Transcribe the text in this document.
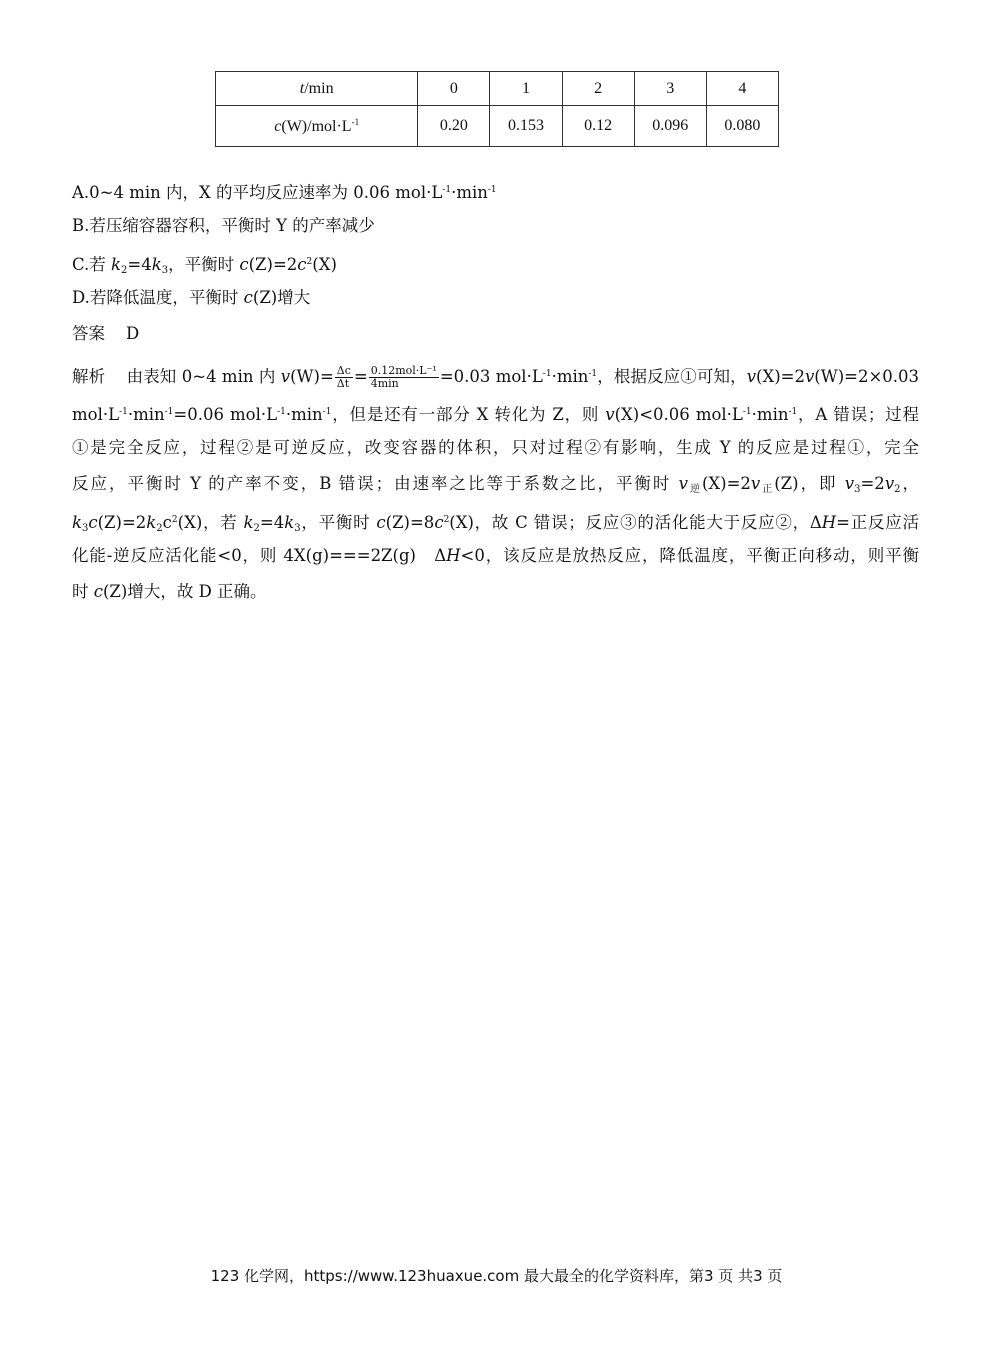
t/min	0	1	2	3	4
$c(W)/mol\cdot L^{-1}$	0.20	0.153	0.12	0.096	0.080
A.0~4 min 内，X 的平均反应速率为 0.06 $mol\cdot L^{-1}\cdot\min^{-1}$
B.若压缩容器容积，平衡时 Y 的产率减少
C.若 $k_2=4k_3$，平衡时 $c(Z)=2c^2(X)$
D.若降低温度，平衡时 c(Z)增大
答案 D
解析    由表知 0~4 min 内 $v(W)= \frac{\Delta c}{\Delta t} = \frac{\text{0.12mol·L⁻¹}}{4\min} =0.03$ $mol\cdot L^{-1}\cdot\min^{-1}$，根据反应①可知，v(X)=2v(W)=2×0.03
$mol\cdot L^{-1}\cdot\min^{-1}=0.06$ $mol\cdot L^{-1}\cdot\min^{-1}$，但是还有一部分 X 转化为 Z，则 v(X)<0.06 $mol\cdot L^{-1}\cdot\min^{-1}$，A 错误；过程
①是完全反应，过程②是可逆反应，改变容器的体积，只对过程②有影响，生成 Y 的反应是过程①，完全
反应，平衡时 Y 的产率不变，B 错误；由速率之比等于系数之比，平衡时 $v_逆(X)=2v_正(Z)$，即 $v_3=2v_2$，
$k_3c(Z)=2k_2c^2(X)$，若 $k_2=4k_3$，平衡时 $c(Z)=8c^2(X)$，故 C 错误；反应③的活化能大于反应②，ΔH=正反应活
化能-逆反应活化能<0，则 4X(g)===2Z(g)　ΔH<0，该反应是放热反应，降低温度，平衡正向移动，则平衡
时 c(Z)增大，故 D 正确。
123 化学网，https://www.123huaxue.com 最大最全的化学资料库，第3 页 共3 页
